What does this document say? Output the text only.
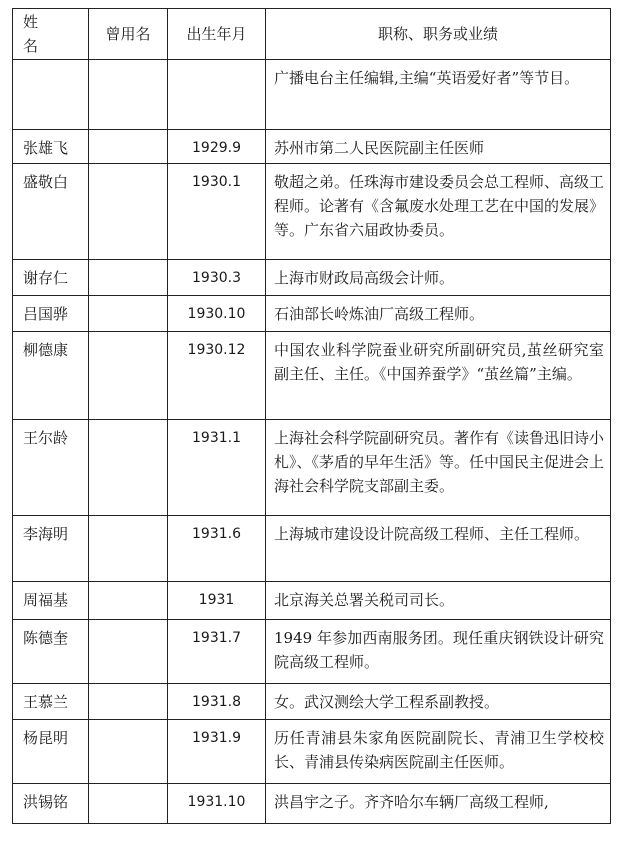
姓 名	曾用名	出生年月	职称、职务或业绩
			广播电台主任编辑,主编“英语爱好者”等节目。
张雄飞		1929.9	苏州市第二人民医院副主任医师
盛敬白		1930.1	敬超之弟。任珠海市建设委员会总工程师、高级工程师。论著有《含氟废水处理工艺在中国的发展》等。广东省六届政协委员。
谢存仁		1930.3	上海市财政局高级会计师。
吕国骅		1930.10	石油部长岭炼油厂高级工程师。
柳德康		1930.12	中国农业科学院蚕业研究所副研究员,茧丝研究室副主任、主任。《中国养蚕学》“茧丝篇”主编。
王尔龄		1931.1	上海社会科学院副研究员。著作有《读鲁迅旧诗小札》、《茅盾的早年生活》等。任中国民主促进会上海社会科学院支部副主委。
李海明		1931.6	上海城市建设设计院高级工程师、主任工程师。
周福基		1931	北京海关总署关税司司长。
陈德奎		1931.7	1949 年参加西南服务团。现任重庆钢铁设计研究院高级工程师。
王慕兰		1931.8	女。武汉测绘大学工程系副教授。
杨昆明		1931.9	历任青浦县朱家角医院副院长、青浦卫生学校校长、青浦县传染病医院副主任医师。
洪锡铭		1931.10	洪昌宇之子。齐齐哈尔车辆厂高级工程师,
